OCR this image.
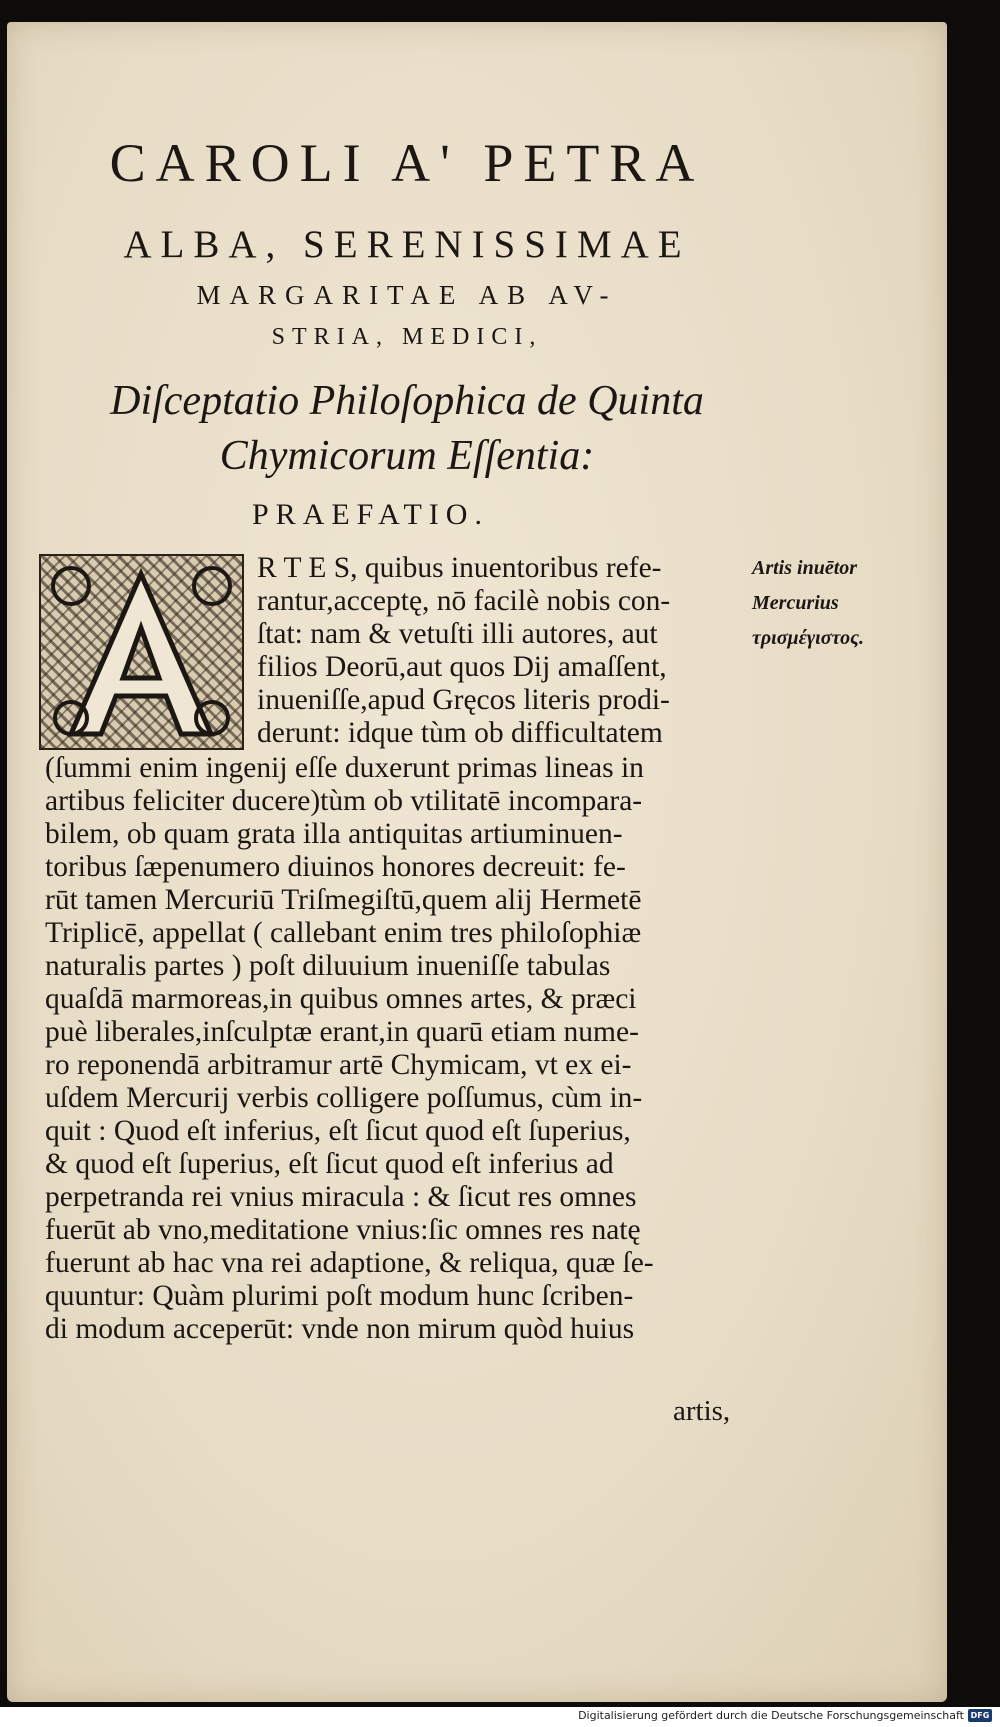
CAROLI A' PETRA
ALBA, SERENISSIMAE
MARGARITAE AB AV-
STRIA, MEDICI,
Diſceptatio Philoſophica de Quinta
Chymicorum Eſſentia:
PRAEFATIO.
R T E S, quibus inuentoribus refe-
rantur,acceptę, nō facilè nobis con-
ſtat: nam & vetuſti illi autores, aut
filios Deorū,aut quos Dij amaſſent,
inueniſſe,apud Gręcos literis prodi-
derunt: idque tùm ob difficultatem
(ſummi enim ingenij eſſe duxerunt primas lineas in
artibus feliciter ducere)tùm ob vtilitatē incompara-
bilem, ob quam grata illa antiquitas artiuminuen-
toribus ſæpenumero diuinos honores decreuit: fe-
rūt tamen Mercuriū Triſmegiſtū,quem alij Hermetē
Triplicē, appellat ( callebant enim tres philoſophiæ
naturalis partes ) poſt diluuium inueniſſe tabulas
quaſdā marmoreas,in quibus omnes artes, & præci
puè liberales,inſculptæ erant,in quarū etiam nume-
ro reponendā arbitramur artē Chymicam, vt ex ei-
uſdem Mercurij verbis colligere poſſumus, cùm in-
quit : Quod eſt inferius, eſt ſicut quod eſt ſuperius,
& quod eſt ſuperius, eſt ſicut quod eſt inferius ad
perpetranda rei vnius miracula : & ſicut res omnes
fuerūt ab vno,meditatione vnius:ſic omnes res natę
fuerunt ab hac vna rei adaptione, & reliqua, quæ ſe-
quuntur: Quàm plurimi poſt modum hunc ſcriben-
di modum acceperūt: vnde non mirum quòd huius
artis,
Artis inuētor
Mercurius
τρισμέγιστος.
Digitalisierung gefördert durch die Deutsche Forschungsgemeinschaft DFG
